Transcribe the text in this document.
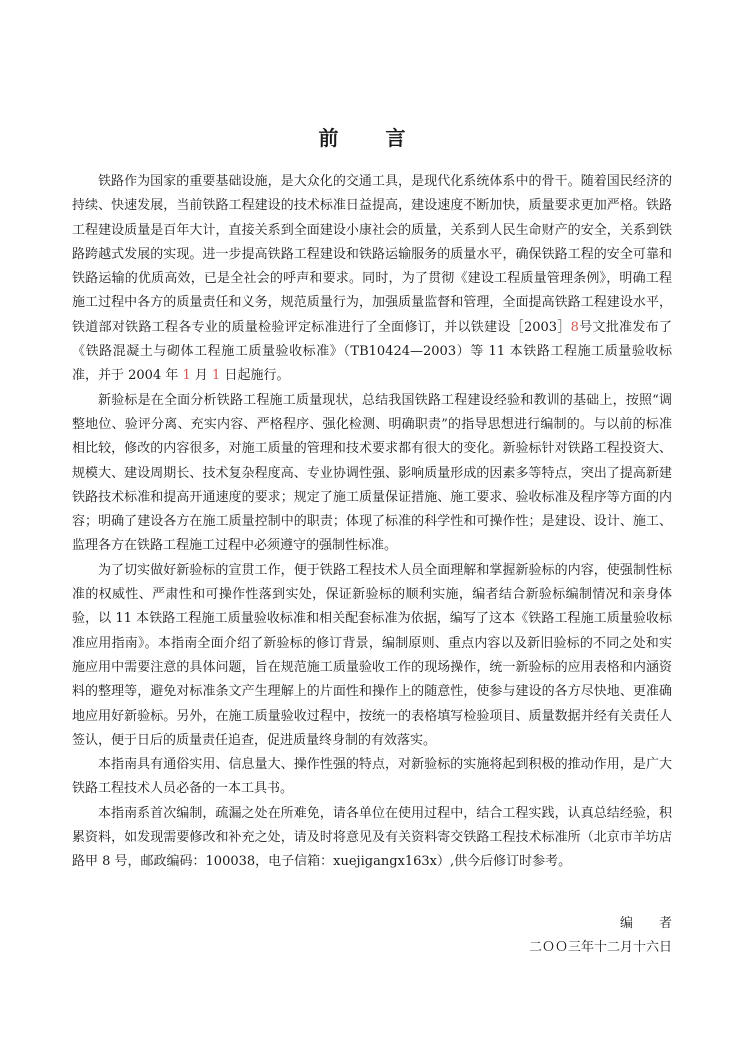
前 言

铁路作为国家的重要基础设施，是大众化的交通工具，是现代化系统体系中的骨干。随着国民经济的持续、快速发展，当前铁路工程建设的技术标准日益提高，建设速度不断加快，质量要求更加严格。铁路工程建设质量是百年大计，直接关系到全面建设小康社会的质量，关系到人民生命财产的安全，关系到铁路跨越式发展的实现。进一步提高铁路工程建设和铁路运输服务的质量水平，确保铁路工程的安全可靠和铁路运输的优质高效，已是全社会的呼声和要求。同时，为了贯彻《建设工程质量管理条例》，明确工程施工过程中各方的质量责任和义务，规范质量行为，加强质量监督和管理，全面提高铁路工程建设水平，铁道部对铁路工程各专业的质量检验评定标准进行了全面修订，并以铁建设［2003］8号文批准发布了《铁路混凝土与砌体工程施工质量验收标准》（TB10424—2003）等 11 本铁路工程施工质量验收标准，并于 2004 年 1 月 1 日起施行。

新验标是在全面分析铁路工程施工质量现状，总结我国铁路工程建设经验和教训的基础上，按照“调整地位、验评分离、充实内容、严格程序、强化检测、明确职责”的指导思想进行编制的。与以前的标准相比较，修改的内容很多，对施工质量的管理和技术要求都有很大的变化。新验标针对铁路工程投资大、规模大、建设周期长、技术复杂程度高、专业协调性强、影响质量形成的因素多等特点，突出了提高新建铁路技术标准和提高开通速度的要求；规定了施工质量保证措施、施工要求、验收标准及程序等方面的内容；明确了建设各方在施工质量控制中的职责；体现了标准的科学性和可操作性；是建设、设计、施工、监理各方在铁路工程施工过程中必须遵守的强制性标准。

为了切实做好新验标的宣贯工作，便于铁路工程技术人员全面理解和掌握新验标的内容，使强制性标准的权威性、严肃性和可操作性落到实处，保证新验标的顺利实施，编者结合新验标编制情况和亲身体验，以 11 本铁路工程施工质量验收标准和相关配套标准为依据，编写了这本《铁路工程施工质量验收标准应用指南》。本指南全面介绍了新验标的修订背景，编制原则、重点内容以及新旧验标的不同之处和实施应用中需要注意的具体问题，旨在规范施工质量验收工作的现场操作，统一新验标的应用表格和内涵资料的整理等，避免对标准条文产生理解上的片面性和操作上的随意性，使参与建设的各方尽快地、更准确地应用好新验标。另外，在施工质量验收过程中，按统一的表格填写检验项目、质量数据并经有关责任人签认，便于日后的质量责任追查，促进质量终身制的有效落实。

本指南具有通俗实用、信息量大、操作性强的特点，对新验标的实施将起到积极的推动作用，是广大铁路工程技术人员必备的一本工具书。

本指南系首次编制，疏漏之处在所难免，请各单位在使用过程中，结合工程实践，认真总结经验，积累资料，如发现需要修改和补充之处，请及时将意见及有关资料寄交铁路工程技术标准所（北京市羊坊店路甲 8 号，邮政编码：100038，电子信箱：xuejigangx163x）,供今后修订时参考。

编者
二ＯＯ三年十二月十六日
